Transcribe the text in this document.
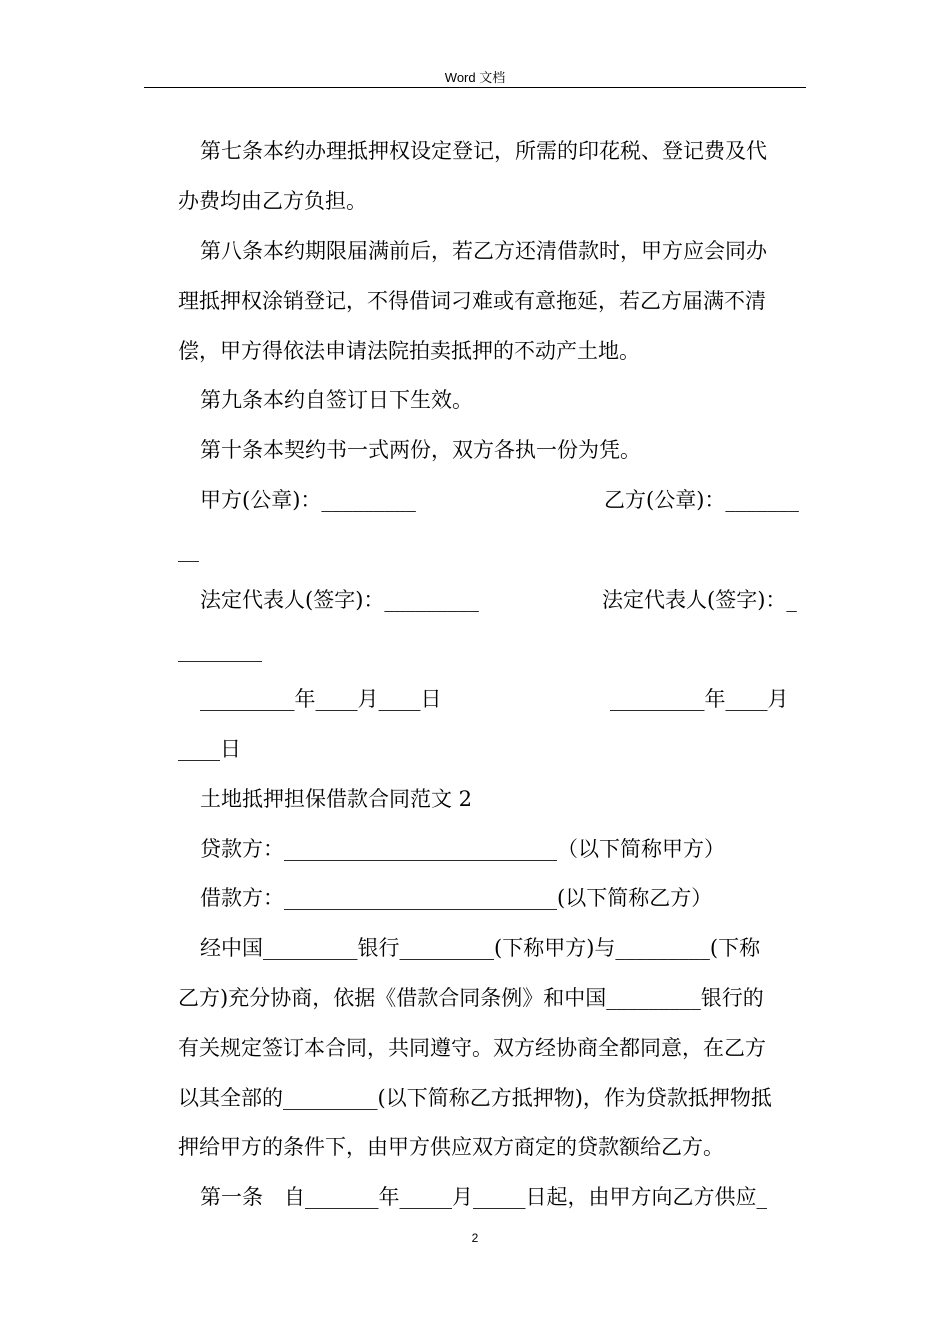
Word 文档
第七条本约办理抵押权设定登记，所需的印花税、登记费及代
办费均由乙方负担。
第八条本约期限届满前后，若乙方还清借款时，甲方应会同办
理抵押权涂销登记，不得借词刁难或有意拖延，若乙方届满不清
偿，甲方得依法申请法院拍卖抵押的不动产土地。
第九条本约自签订日下生效。
第十条本契约书一式两份，双方各执一份为凭。
甲方(公章)：_________	乙方(公章)：_______
__
法定代表人(签字)：_________	法定代表人(签字)：_
________
_________年____月____日	_________年____月
____日
土地抵押担保借款合同范文 2
贷款方：__________________________（以下简称甲方）
借款方：__________________________(以下简称乙方）
经中国_________银行_________(下称甲方)与_________(下称
乙方)充分协商，依据《借款合同条例》和中国_________银行的
有关规定签订本合同，共同遵守。双方经协商全都同意，在乙方
以其全部的_________(以下简称乙方抵押物)，作为贷款抵押物抵
押给甲方的条件下，由甲方供应双方商定的贷款额给乙方。
第一条　自_______年_____月_____日起，由甲方向乙方供应_
2
